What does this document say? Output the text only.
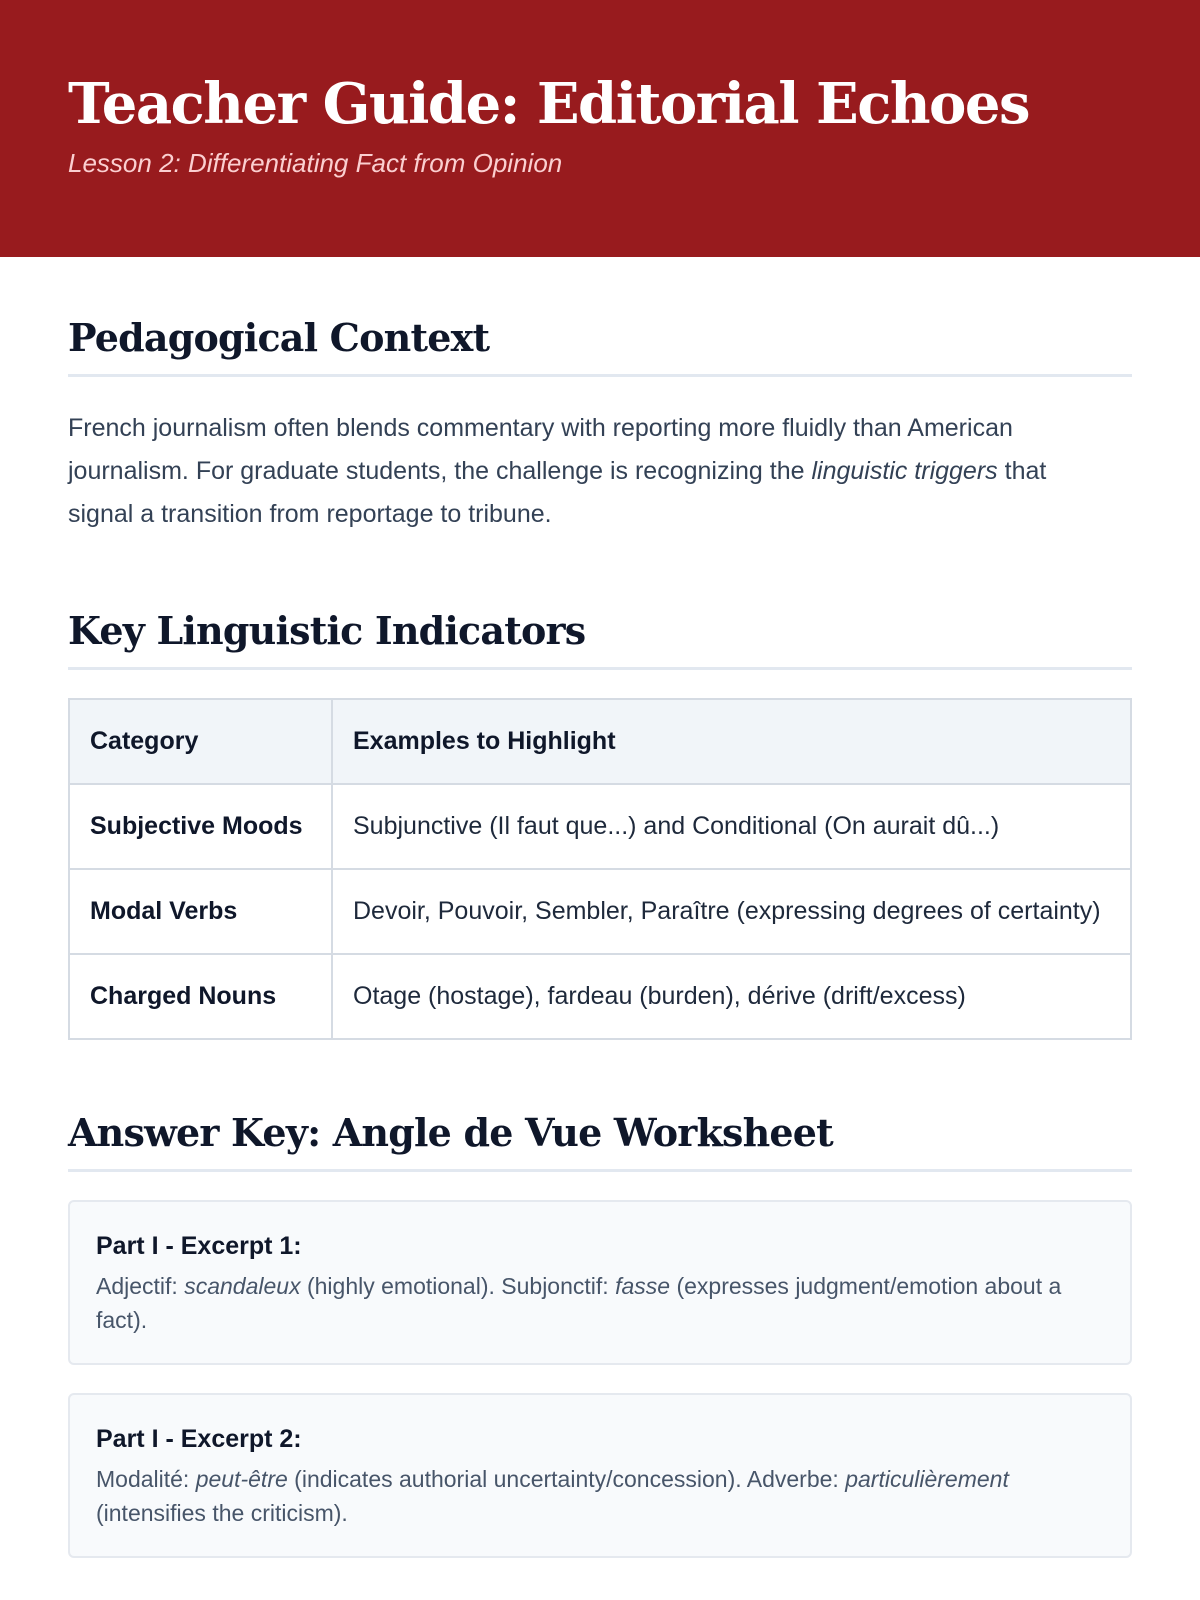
Teacher Guide: Editorial Echoes
Lesson 2: Differentiating Fact from Opinion
Pedagogical Context

French journalism often blends commentary with reporting more fluidly than American journalism. For graduate students, the challenge is recognizing the linguistic triggers that signal a transition from reportage to tribune.

Key Linguistic Indicators
Category	Examples to Highlight
Subjective Moods	Subjunctive (Il faut que...) and Conditional (On aurait dû...)
Modal Verbs	Devoir, Pouvoir, Sembler, Paraître (expressing degrees of certainty)
Charged Nouns	Otage (hostage), fardeau (burden), dérive (drift/excess)
Answer Key: Angle de Vue Worksheet
Part I - Excerpt 1:
Adjectif: scandaleux (highly emotional). Subjonctif: fasse (expresses judgment/emotion about a fact).
Part I - Excerpt 2:
Modalité: peut-être (indicates authorial uncertainty/concession). Adverbe: particulièrement (intensifies the criticism).
